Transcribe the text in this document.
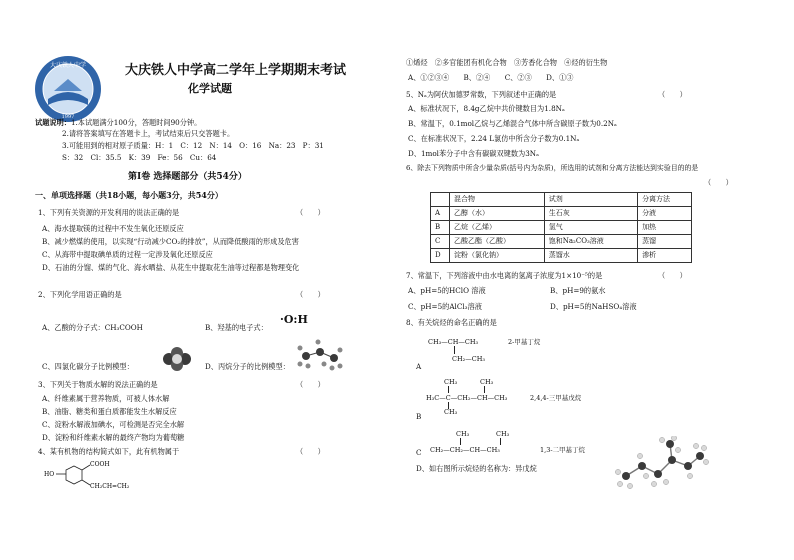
大庆铁人中学
1997
大庆铁人中学高二学年上学期期末考试
化学试题
试题说明：1.本试题满分100分，答题时间90分钟。
2.请将答案填写在答题卡上，考试结束后只交答题卡。
3.可能用到的相对原子质量：H：1　C：12　N：14　O：16　Na：23　P：31
S：32　Cl：35.5　K：39　Fe：56　Cu：64
第Ⅰ卷 选择题部分（共54分）
一、单项选择题（共18小题，每小题3分，共54分）
1、下列有关资源的开发利用的说法正确的是	（　　）
A、海水提取镁的过程中不发生氧化还原反应
B、减少燃煤的使用，以实现“行动减少CO₂的排放”，从而降低酸雨的形成及危害
C、从海带中提取碘单质的过程一定涉及氧化还原反应
D、石油的分馏、煤的气化、海水晒盐、从花生中提取花生油等过程都是物理变化
2、下列化学用语正确的是	（　　）
A、乙酸的分子式：CH₃COOH	B、羟基的电子式：
·O:H
C、四氯化碳分子比例模型：	D、丙烷分子的比例模型：
3、下列关于物质水解的说法正确的是	（　　）
A、纤维素属于营养物质，可被人体水解
B、油脂、糖类和蛋白质都能发生水解反应
C、淀粉水解液加碘水，可检测是否完全水解
D、淀粉和纤维素水解的最终产物均为葡萄糖
4、某有机物的结构简式如下，此有机物属于	（　　）
HO
COOH
CH₂CH=CH₂
①烯烃　②多官能团有机化合物　③芳香化合物　④烃的衍生物
A、①②③④　　B、②④　　C、②③　　D、①③
5、Nₐ为阿伏加德罗常数，下列叙述中正确的是	（　　）
A、标准状况下，8.4g乙烷中共价键数目为1.8Nₐ
B、常温下，0.1mol乙烷与乙烯混合气体中所含碳原子数为0.2Nₐ
C、在标准状况下，2.24 L氯仿中所含分子数为0.1Nₐ
D、1mol苯分子中含有碳碳双键数为3Nₐ
6、除去下列物质中所含少量杂质(括号内为杂质)，所选用的试剂和分离方法能达到实验目的的是
（　　）
	混合物	试剂	分离方法
A	乙醇（水）	生石灰	分液
B	乙烷（乙烯）	氢气	加热
C	乙酸乙酯（乙酸）	饱和Na₂CO₃溶液	蒸馏
D	淀粉（氯化钠）	蒸馏水	渗析
7、常温下，下列溶液中由水电离的氢离子浓度为1×10⁻⁵的是	（　　）
A、pH=5的HClO 溶液	B、pH=9的氨水
C、pH=5的AlCl₃溶液	D、pH=5的NaHSO₄溶液
8、有关烷烃的命名正确的是
CH₃—CH—CH₃	2-甲基丁烷
CH₂—CH₃
A
CH₃	CH₃
H₃C—C—CH₂—CH—CH₃	2,4,4-三甲基戊烷
CH₃
B
CH₃	CH₃
CH₂—CH₂—CH—CH₃	1,3-二甲基丁烷
C
D、如右图所示烷烃的名称为：异戊烷
